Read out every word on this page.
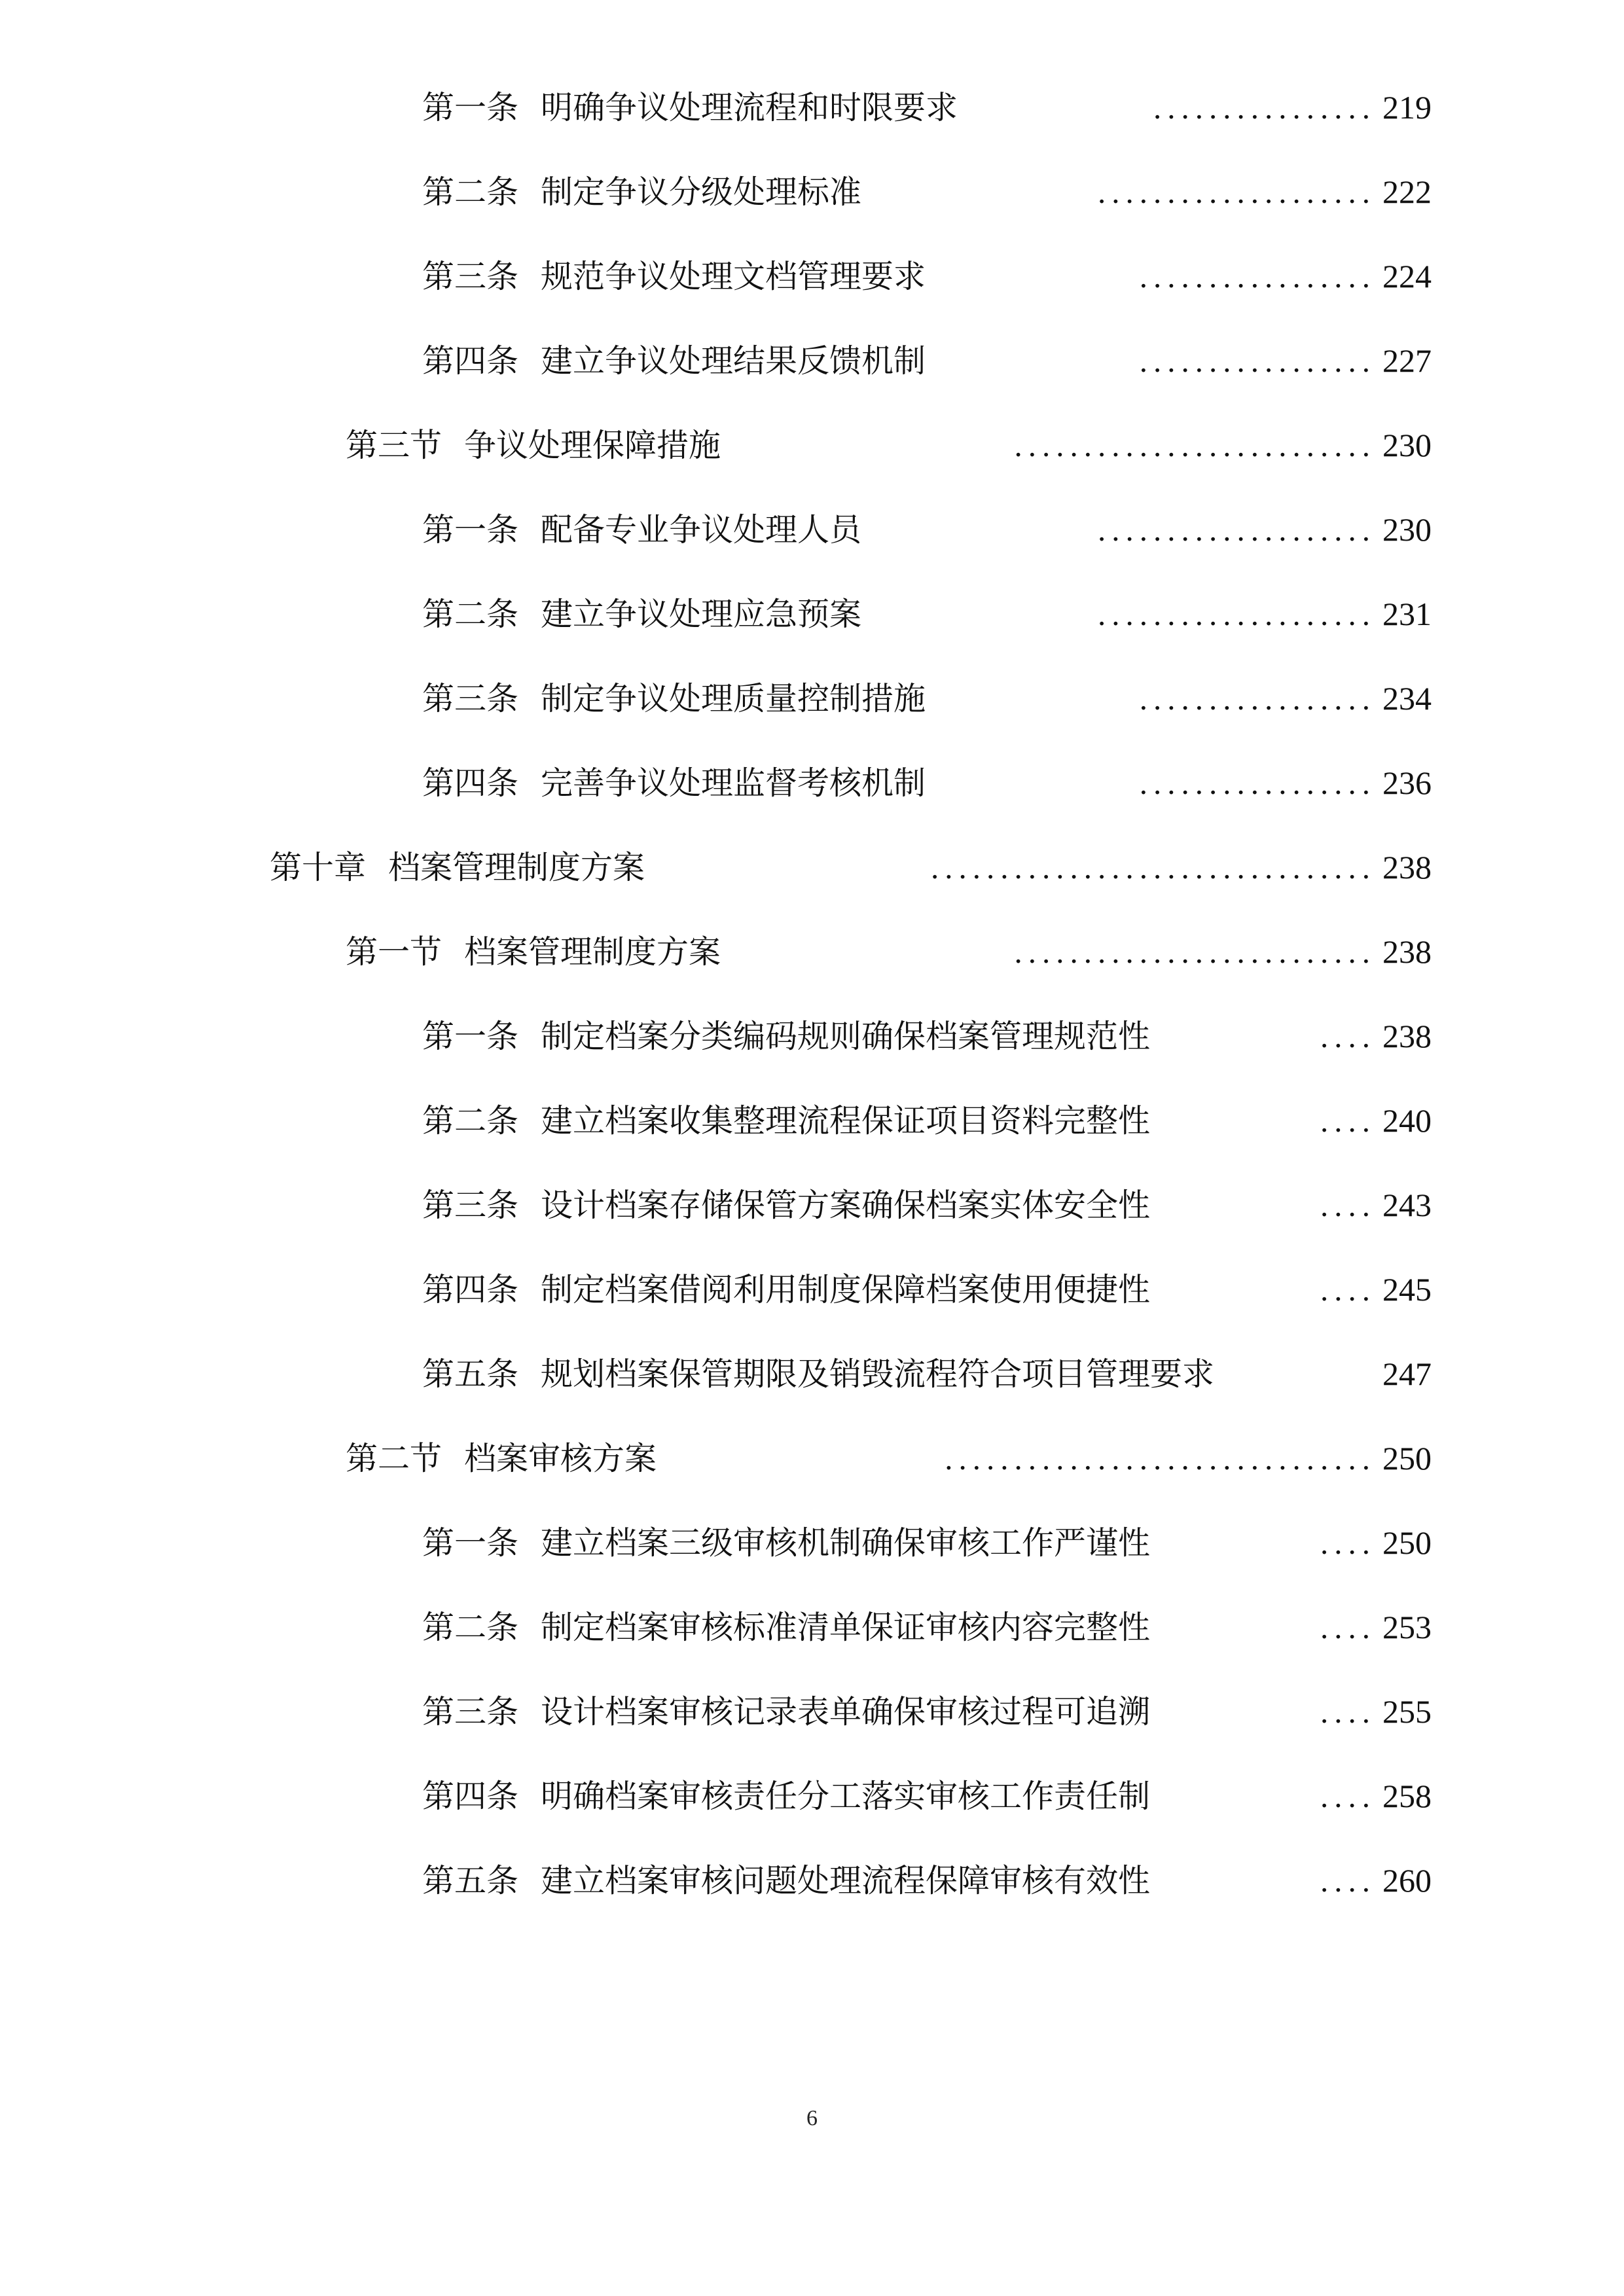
第一条 明确争议处理流程和时限要求	................ 219
第二条 制定争议分级处理标准	.................... 222
第三条 规范争议处理文档管理要求	................. 224
第四条 建立争议处理结果反馈机制	................. 227
第三节 争议处理保障措施	.......................... 230
第一条 配备专业争议处理人员	.................... 230
第二条 建立争议处理应急预案	.................... 231
第三条 制定争议处理质量控制措施	................. 234
第四条 完善争议处理监督考核机制	................. 236
第十章 档案管理制度方案	................................ 238
第一节 档案管理制度方案	.......................... 238
第一条 制定档案分类编码规则确保档案管理规范性	.... 238
第二条 建立档案收集整理流程保证项目资料完整性	.... 240
第三条 设计档案存储保管方案确保档案实体安全性	.... 243
第四条 制定档案借阅利用制度保障档案使用便捷性	.... 245
第五条 规划档案保管期限及销毁流程符合项目管理要求	247
第二节 档案审核方案	............................... 250
第一条 建立档案三级审核机制确保审核工作严谨性	.... 250
第二条 制定档案审核标准清单保证审核内容完整性	.... 253
第三条 设计档案审核记录表单确保审核过程可追溯	.... 255
第四条 明确档案审核责任分工落实审核工作责任制	.... 258
第五条 建立档案审核问题处理流程保障审核有效性	.... 260
6
